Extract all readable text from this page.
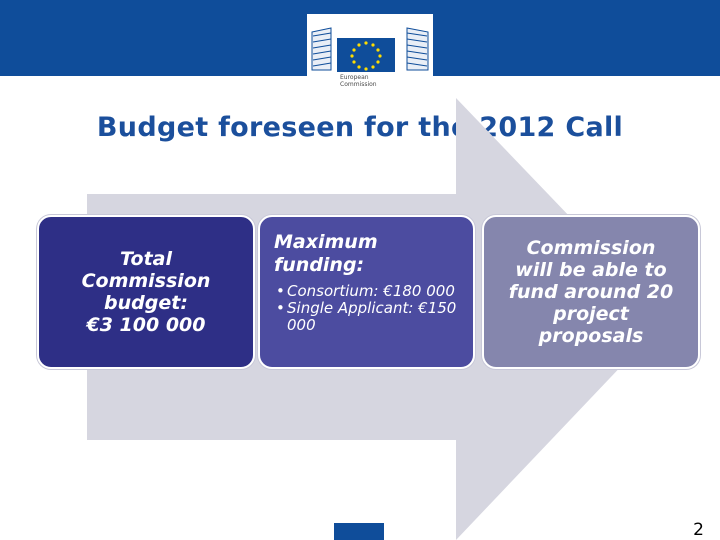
European
Commission
Budget foreseen for the 2012 Call
Total
Commission
budget:
€3 100 000
Maximum
funding:
• Consortium: €180 000
• Single Applicant: €150 000
Commission
will be able to
fund around 20
project
proposals
2
